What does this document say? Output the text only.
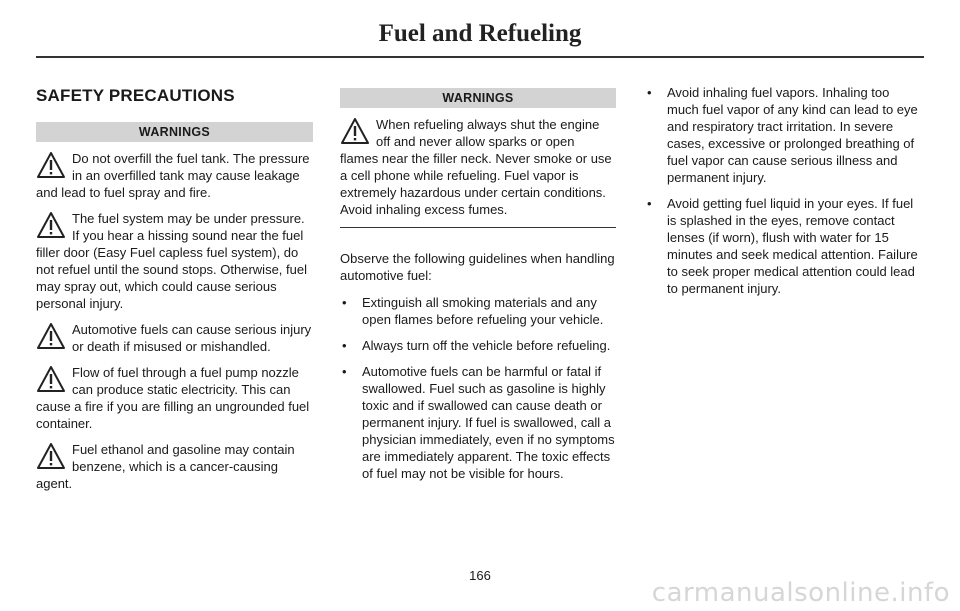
Fuel and Refueling
SAFETY PRECAUTIONS
WARNINGS
Do not overfill the fuel tank. The pressure in an overfilled tank may cause leakage and lead to fuel spray and fire.
The fuel system may be under pressure. If you hear a hissing sound near the fuel filler door (Easy Fuel capless fuel system), do not refuel until the sound stops. Otherwise, fuel may spray out, which could cause serious personal injury.
Automotive fuels can cause serious injury or death if misused or mishandled.
Flow of fuel through a fuel pump nozzle can produce static electricity. This can cause a fire if you are filling an ungrounded fuel container.
Fuel ethanol and gasoline may contain benzene, which is a cancer-causing agent.
WARNINGS
When refueling always shut the engine off and never allow sparks or open flames near the filler neck. Never smoke or use a cell phone while refueling. Fuel vapor is extremely hazardous under certain conditions. Avoid inhaling excess fumes.

Observe the following guidelines when handling automotive fuel:

• Extinguish all smoking materials and any open flames before refueling your vehicle.
• Always turn off the vehicle before refueling.
• Automotive fuels can be harmful or fatal if swallowed. Fuel such as gasoline is highly toxic and if swallowed can cause death or permanent injury. If fuel is swallowed, call a physician immediately, even if no symptoms are immediately apparent. The toxic effects of fuel may not be visible for hours.
• Avoid inhaling fuel vapors. Inhaling too much fuel vapor of any kind can lead to eye and respiratory tract irritation. In severe cases, excessive or prolonged breathing of fuel vapor can cause serious illness and permanent injury.
• Avoid getting fuel liquid in your eyes. If fuel is splashed in the eyes, remove contact lenses (if worn), flush with water for 15 minutes and seek medical attention. Failure to seek proper medical attention could lead to permanent injury.
166
carmanualsonline.info
